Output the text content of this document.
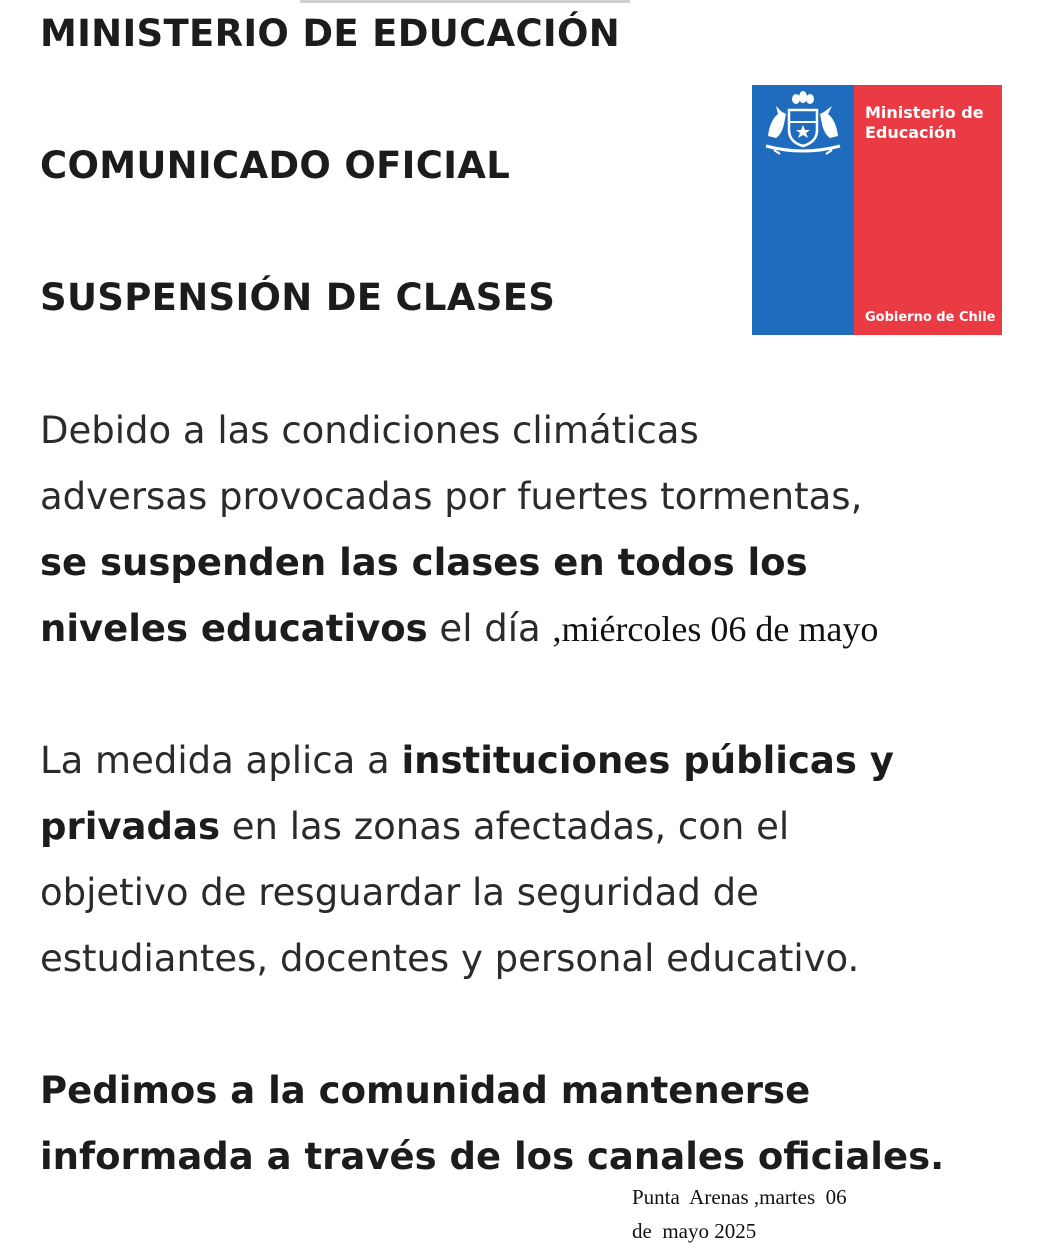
MINISTERIO DE EDUCACIÓN
COMUNICADO OFICIAL
SUSPENSIÓN DE CLASES

Ministerio de Educación

Gobierno de Chile

Debido a las condiciones climáticas
adversas provocadas por fuertes tormentas,
se suspenden las clases en todos los
niveles educativos el día ,miércoles 06 de mayo

La medida aplica a instituciones públicas y
privadas en las zonas afectadas, con el
objetivo de resguardar la seguridad de
estudiantes, docentes y personal educativo.

Pedimos a la comunidad mantenerse
informada a través de los canales oficiales.

Punta  Arenas ,martes  06
de  mayo 2025
